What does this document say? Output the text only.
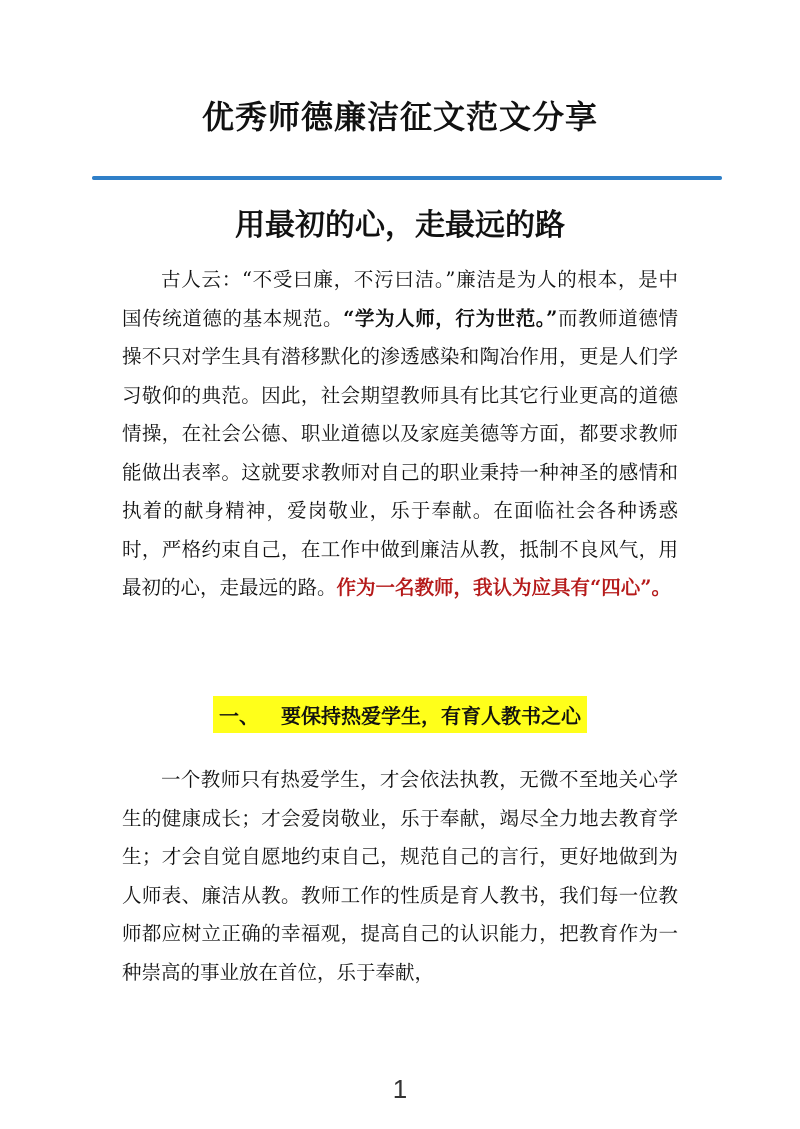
优秀师德廉洁征文范文分享
用最初的心，走最远的路

古人云：“不受曰廉，不污曰洁。”廉洁是为人的根本，是中国传统道德的基本规范。“学为人师，行为世范。”而教师道德情操不只对学生具有潜移默化的渗透感染和陶冶作用，更是人们学习敬仰的典范。因此，社会期望教师具有比其它行业更高的道德情操，在社会公德、职业道德以及家庭美德等方面，都要求教师能做出表率。这就要求教师对自己的职业秉持一种神圣的感情和执着的献身精神，爱岗敬业，乐于奉献。在面临社会各种诱惑时，严格约束自己，在工作中做到廉洁从教，抵制不良风气，用最初的心，走最远的路。作为一名教师，我认为应具有“四心”。

一、 要保持热爱学生，有育人教书之心

一个教师只有热爱学生，才会依法执教，无微不至地关心学生的健康成长；才会爱岗敬业，乐于奉献，竭尽全力地去教育学生；才会自觉自愿地约束自己，规范自己的言行，更好地做到为人师表、廉洁从教。教师工作的性质是育人教书，我们每一位教师都应树立正确的幸福观，提高自己的认识能力，把教育作为一种崇高的事业放在首位，乐于奉献，

1
